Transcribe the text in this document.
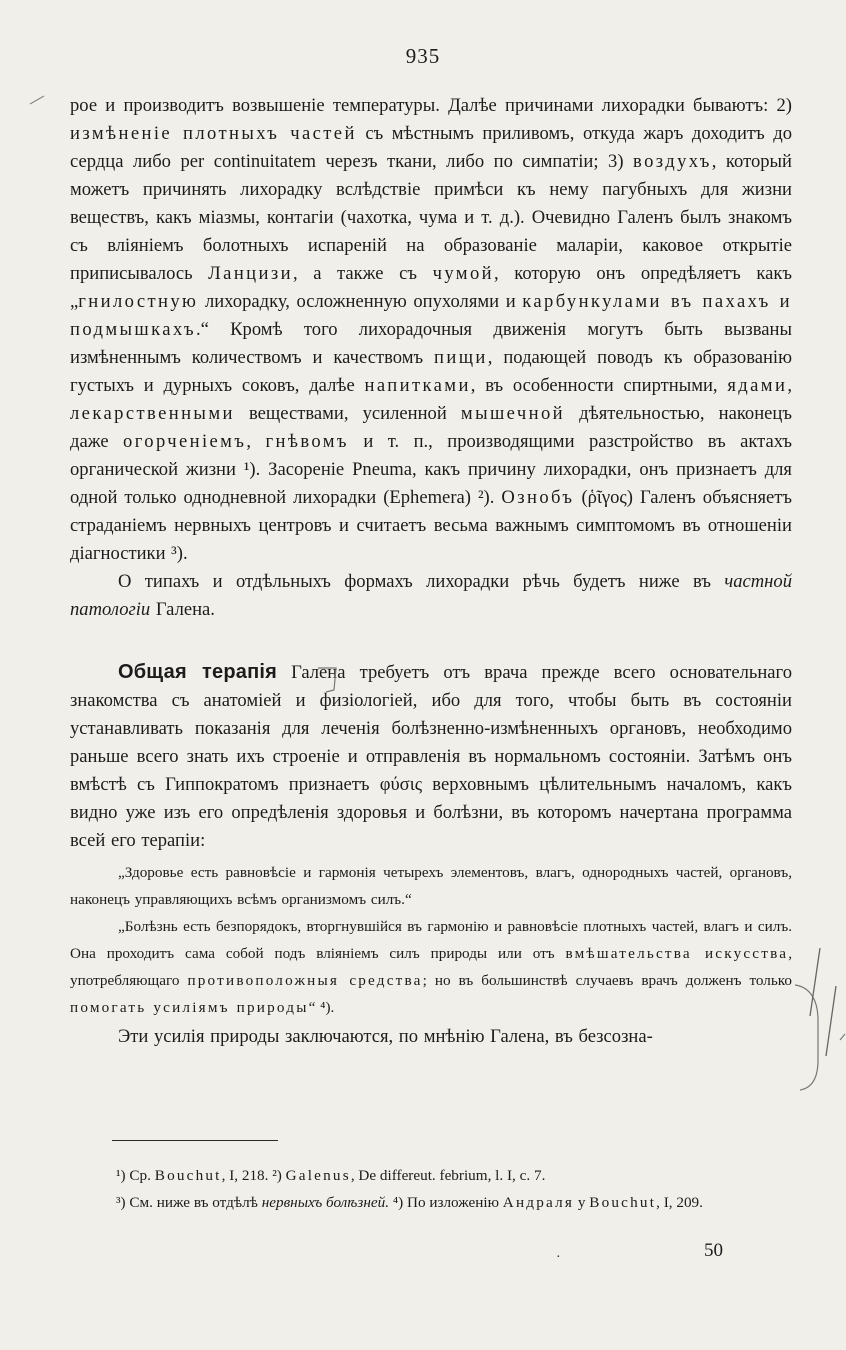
935

рое и производитъ возвышеніе температуры. Далѣе причинами лихорадки бываютъ: 2) измѣненіе плотныхъ частей съ мѣстнымъ приливомъ, откуда жаръ доходитъ до сердца либо per continuitatem черезъ ткани, либо по симпатіи; 3) воздухъ, который можетъ причинять лихорадку вслѣдствіе примѣси къ нему пагубныхъ для жизни веществъ, какъ міазмы, контагіи (чахотка, чума и т. д.). Очевидно Галенъ былъ знакомъ съ вліяніемъ болотныхъ испареній на образованіе маларіи, каковое открытіе приписывалось Ланцизи, а также съ чумой, которую онъ опредѣляетъ какъ „гнилостную лихорадку, осложненную опухолями и карбункулами въ пахахъ и подмышкахъ.“ Кромѣ того лихорадочныя движенія могутъ быть вызваны измѣненнымъ количествомъ и качествомъ пищи, подающей поводъ къ образованію густыхъ и дурныхъ соковъ, далѣе напитками, въ особенности спиртными, ядами, лекарственными веществами, усиленной мышечной дѣятельностью, наконецъ даже огорченіемъ, гнѣвомъ и т. п., производящими разстройство въ актахъ органической жизни ¹). Засореніе Pneuma, какъ причину лихорадки, онъ признаетъ для одной только однодневной лихорадки (Ephemera) ²). Ознобъ (ῥῖγος) Галенъ объясняетъ страданіемъ нервныхъ центровъ и считаетъ весьма важнымъ симптомомъ въ отношеніи діагностики ³).

О типахъ и отдѣльныхъ формахъ лихорадки рѣчь будетъ ниже въ частной патологіи Галена.

Общая терапія Галена требуетъ отъ врача прежде всего основательнаго знакомства съ анатоміей и физіологіей, ибо для того, чтобы быть въ состояніи устанавливать показанія для леченія болѣзненно-измѣненныхъ органовъ, необходимо раньше всего знать ихъ строеніе и отправленія въ нормальномъ состояніи. Затѣмъ онъ вмѣстѣ съ Гиппократомъ признаетъ φύσις верховнымъ цѣлительнымъ началомъ, какъ видно уже изъ его опредѣленія здоровья и болѣзни, въ которомъ начертана программа всей его терапіи:

„Здоровье есть равновѣсіе и гармонія четырехъ элементовъ, влагъ, однородныхъ частей, органовъ, наконецъ управляющихъ всѣмъ организмомъ силъ.“

„Болѣзнь есть безпорядокъ, вторгнувшійся въ гармонію и равновѣсіе плотныхъ частей, влагъ и силъ. Она проходитъ сама собой подъ вліяніемъ силъ природы или отъ вмѣшательства искусства, употребляющаго противоположныя средства; но въ большинствѣ случаевъ врачъ долженъ только помогать усиліямъ природы“ ⁴).

Эти усилія природы заключаются, по мнѣнію Галена, въ безсозна-

¹) Cp. Bouchut, I, 218. ²) Galenus, De differeut. febrium, l. I, c. 7.

³) См. ниже въ отдѣлѣ нервныхъ болѣзней. ⁴) По изложенію Андраля у Bouchut, I, 209.

·	50
